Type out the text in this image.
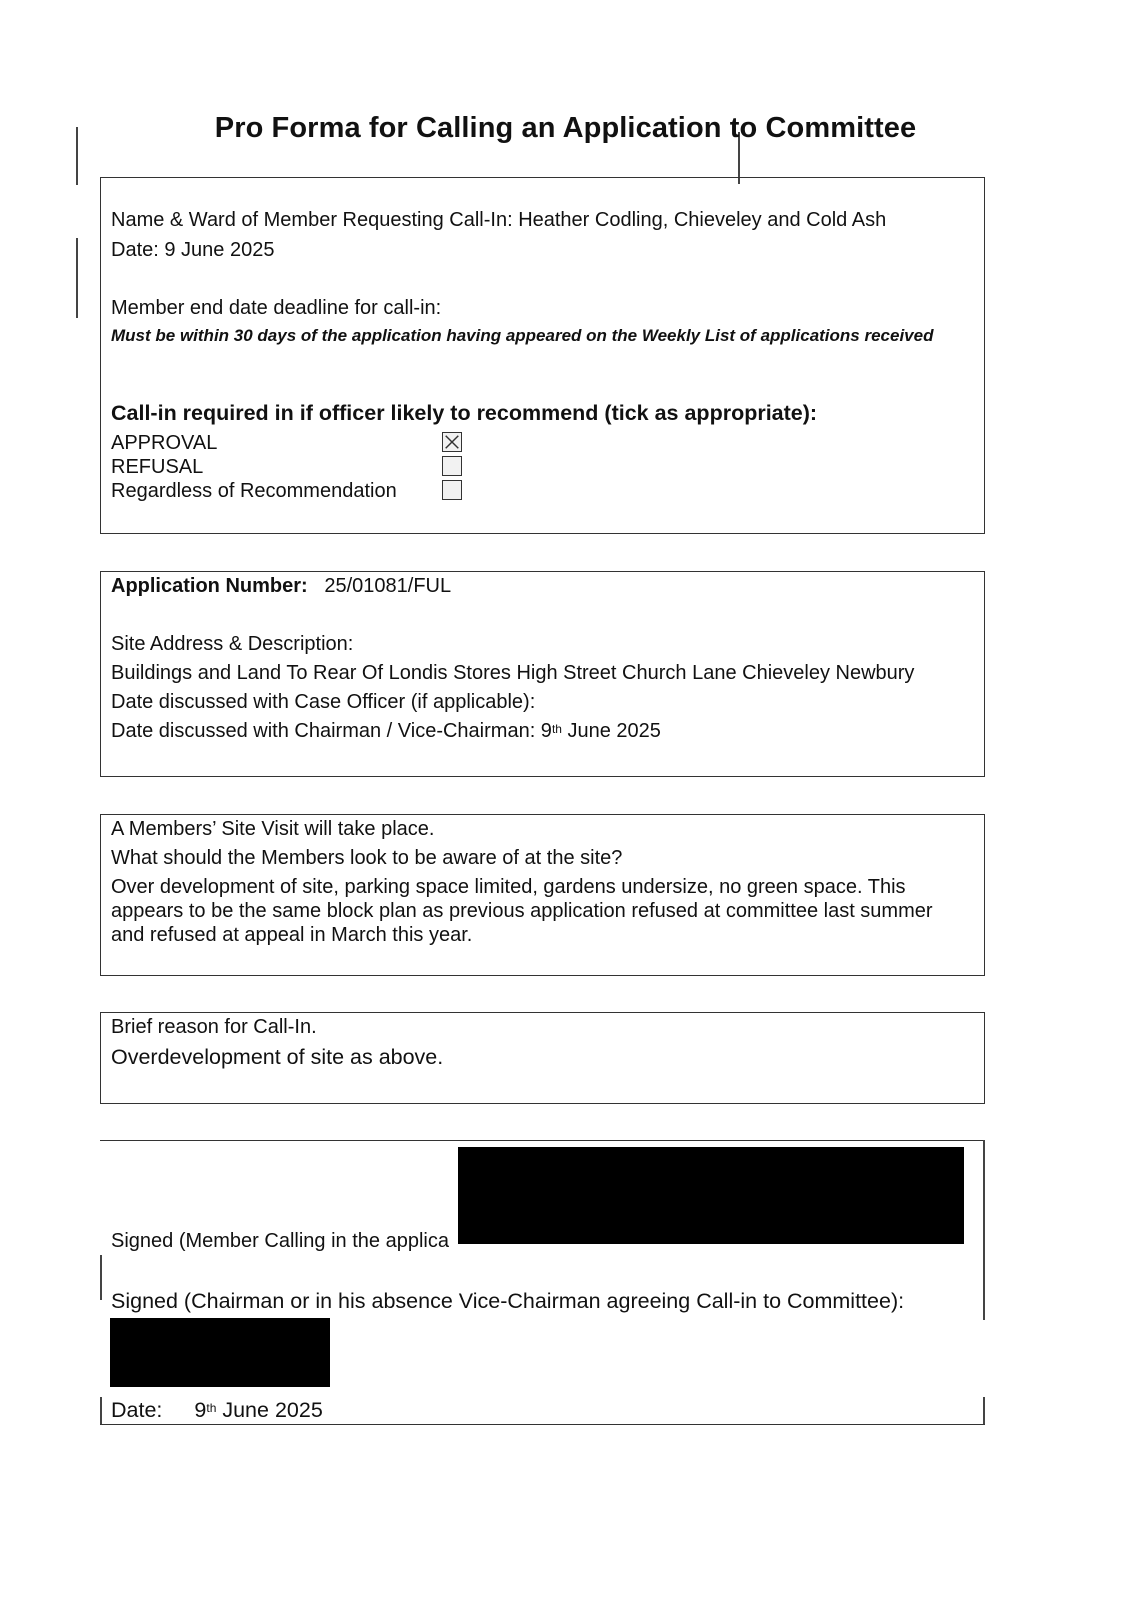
Pro Forma for Calling an Application to Committee
Name & Ward of Member Requesting Call-In: Heather Codling, Chieveley and Cold Ash
Date: 9 June 2025
Member end date deadline for call-in:
Must be within 30 days of the application having appeared on the Weekly List of applications received
Call-in required in if officer likely to recommend (tick as appropriate):
APPROVAL
REFUSAL
Regardless of Recommendation
Application Number: 25/01081/FUL
Site Address & Description:
Buildings and Land To Rear Of Londis Stores High Street Church Lane Chieveley Newbury
Date discussed with Case Officer (if applicable):
Date discussed with Chairman / Vice-Chairman: 9th June 2025
A Members’ Site Visit will take place.
What should the Members look to be aware of at the site?
Over development of site, parking space limited, gardens undersize, no green space. This appears to be the same block plan as previous application refused at committee last summer and refused at appeal in March this year.
Brief reason for Call-In.
Overdevelopment of site as above.
Signed (Member Calling in the applica
Signed (Chairman or in his absence Vice-Chairman agreeing Call-in to Committee):
Date: 9th June 2025
